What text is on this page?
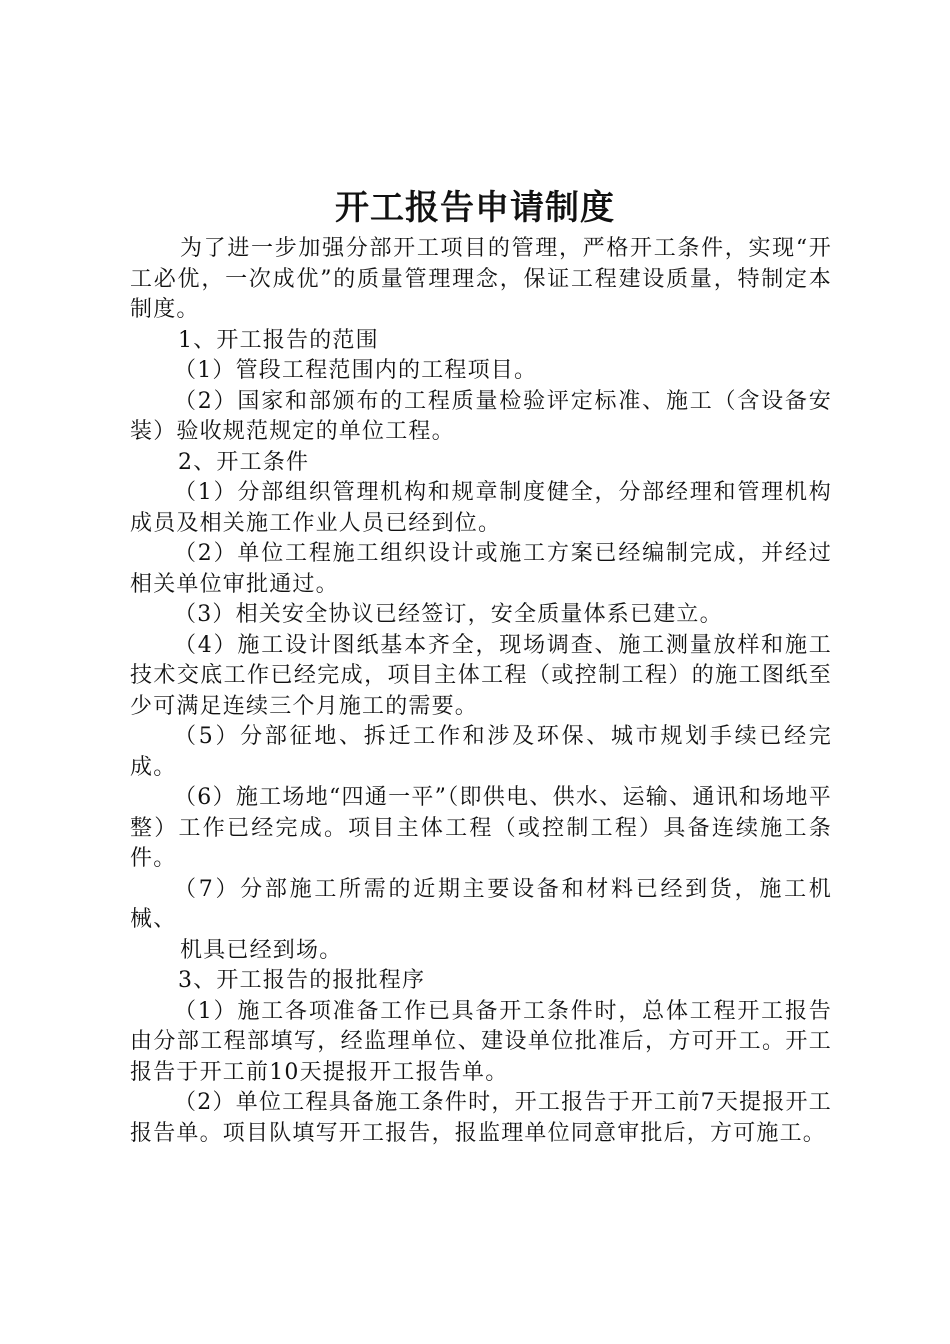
开工报告申请制度

为了进一步加强分部开工项目的管理，严格开工条件，实现“开工必优，一次成优”的质量管理理念，保证工程建设质量，特制定本制度。

1、开工报告的范围

（1）管段工程范围内的工程项目。

（2）国家和部颁布的工程质量检验评定标准、施工（含设备安装）验收规范规定的单位工程。

2、开工条件

（1）分部组织管理机构和规章制度健全，分部经理和管理机构成员及相关施工作业人员已经到位。

（2）单位工程施工组织设计或施工方案已经编制完成，并经过相关单位审批通过。

（3）相关安全协议已经签订，安全质量体系已建立。

（4）施工设计图纸基本齐全，现场调查、施工测量放样和施工技术交底工作已经完成，项目主体工程（或控制工程）的施工图纸至少可满足连续三个月施工的需要。

（5）分部征地、拆迁工作和涉及环保、城市规划手续已经完成。

（6）施工场地“四通一平”（即供电、供水、运输、通讯和场地平整）工作已经完成。项目主体工程（或控制工程）具备连续施工条件。

（7）分部施工所需的近期主要设备和材料已经到货，施工机械、

机具已经到场。

3、开工报告的报批程序

（1）施工各项准备工作已具备开工条件时，总体工程开工报告由分部工程部填写，经监理单位、建设单位批准后，方可开工。开工报告于开工前10天提报开工报告单。

（2）单位工程具备施工条件时，开工报告于开工前7天提报开工报告单。项目队填写开工报告，报监理单位同意审批后，方可施工。
